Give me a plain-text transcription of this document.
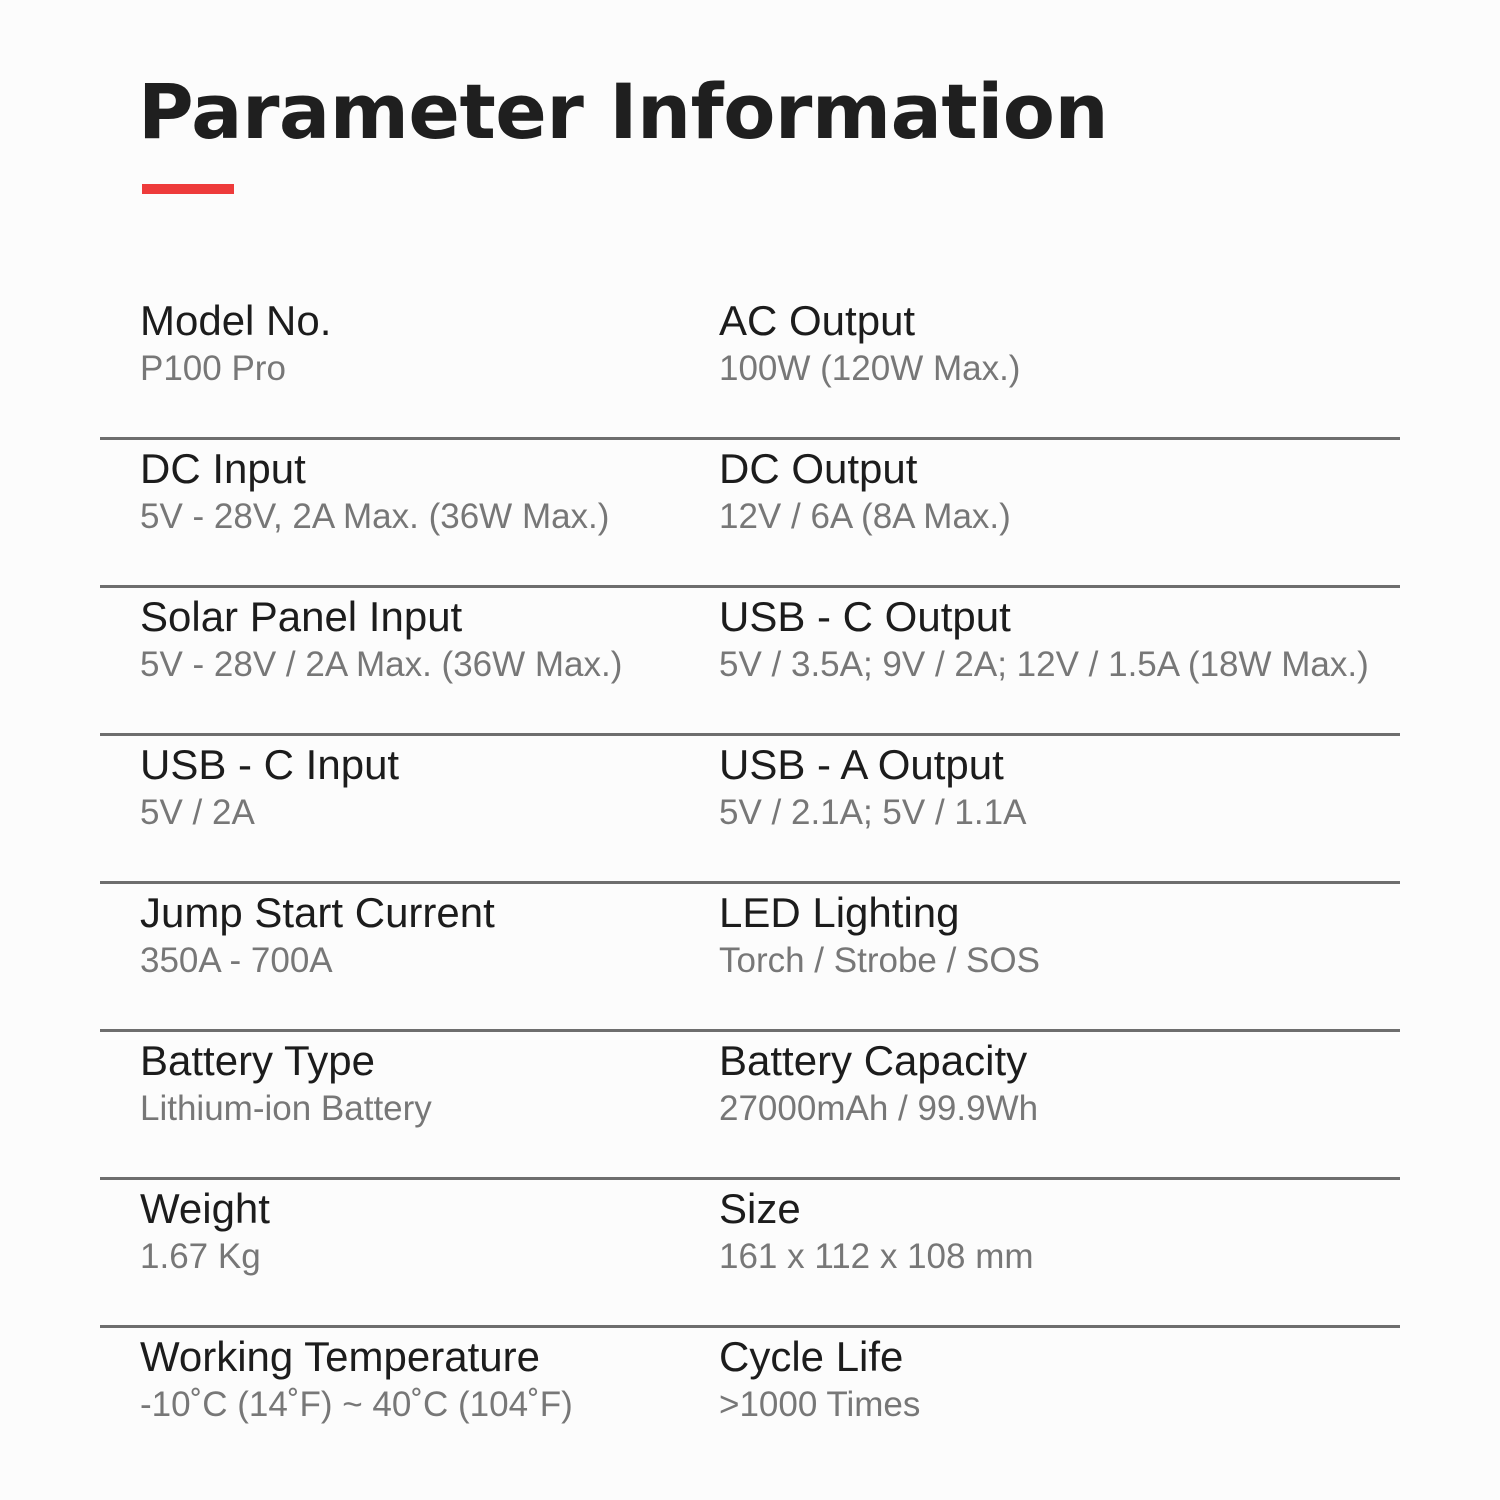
Parameter Information
Model No.
P100 Pro
AC Output
100W (120W Max.)
DC Input
5V - 28V, 2A Max. (36W Max.)
DC Output
12V / 6A (8A Max.)
Solar Panel Input
5V - 28V / 2A Max. (36W Max.)
USB - C Output
5V / 3.5A; 9V / 2A; 12V / 1.5A (18W Max.)
USB - C Input
5V / 2A
USB - A Output
5V / 2.1A; 5V / 1.1A
Jump Start Current
350A - 700A
LED Lighting
Torch / Strobe / SOS
Battery Type
Lithium-ion Battery
Battery Capacity
27000mAh / 99.9Wh
Weight
1.67 Kg
Size
161 x 112 x 108 mm
Working Temperature
-10˚C (14˚F) ~ 40˚C (104˚F)
Cycle Life
>1000 Times
